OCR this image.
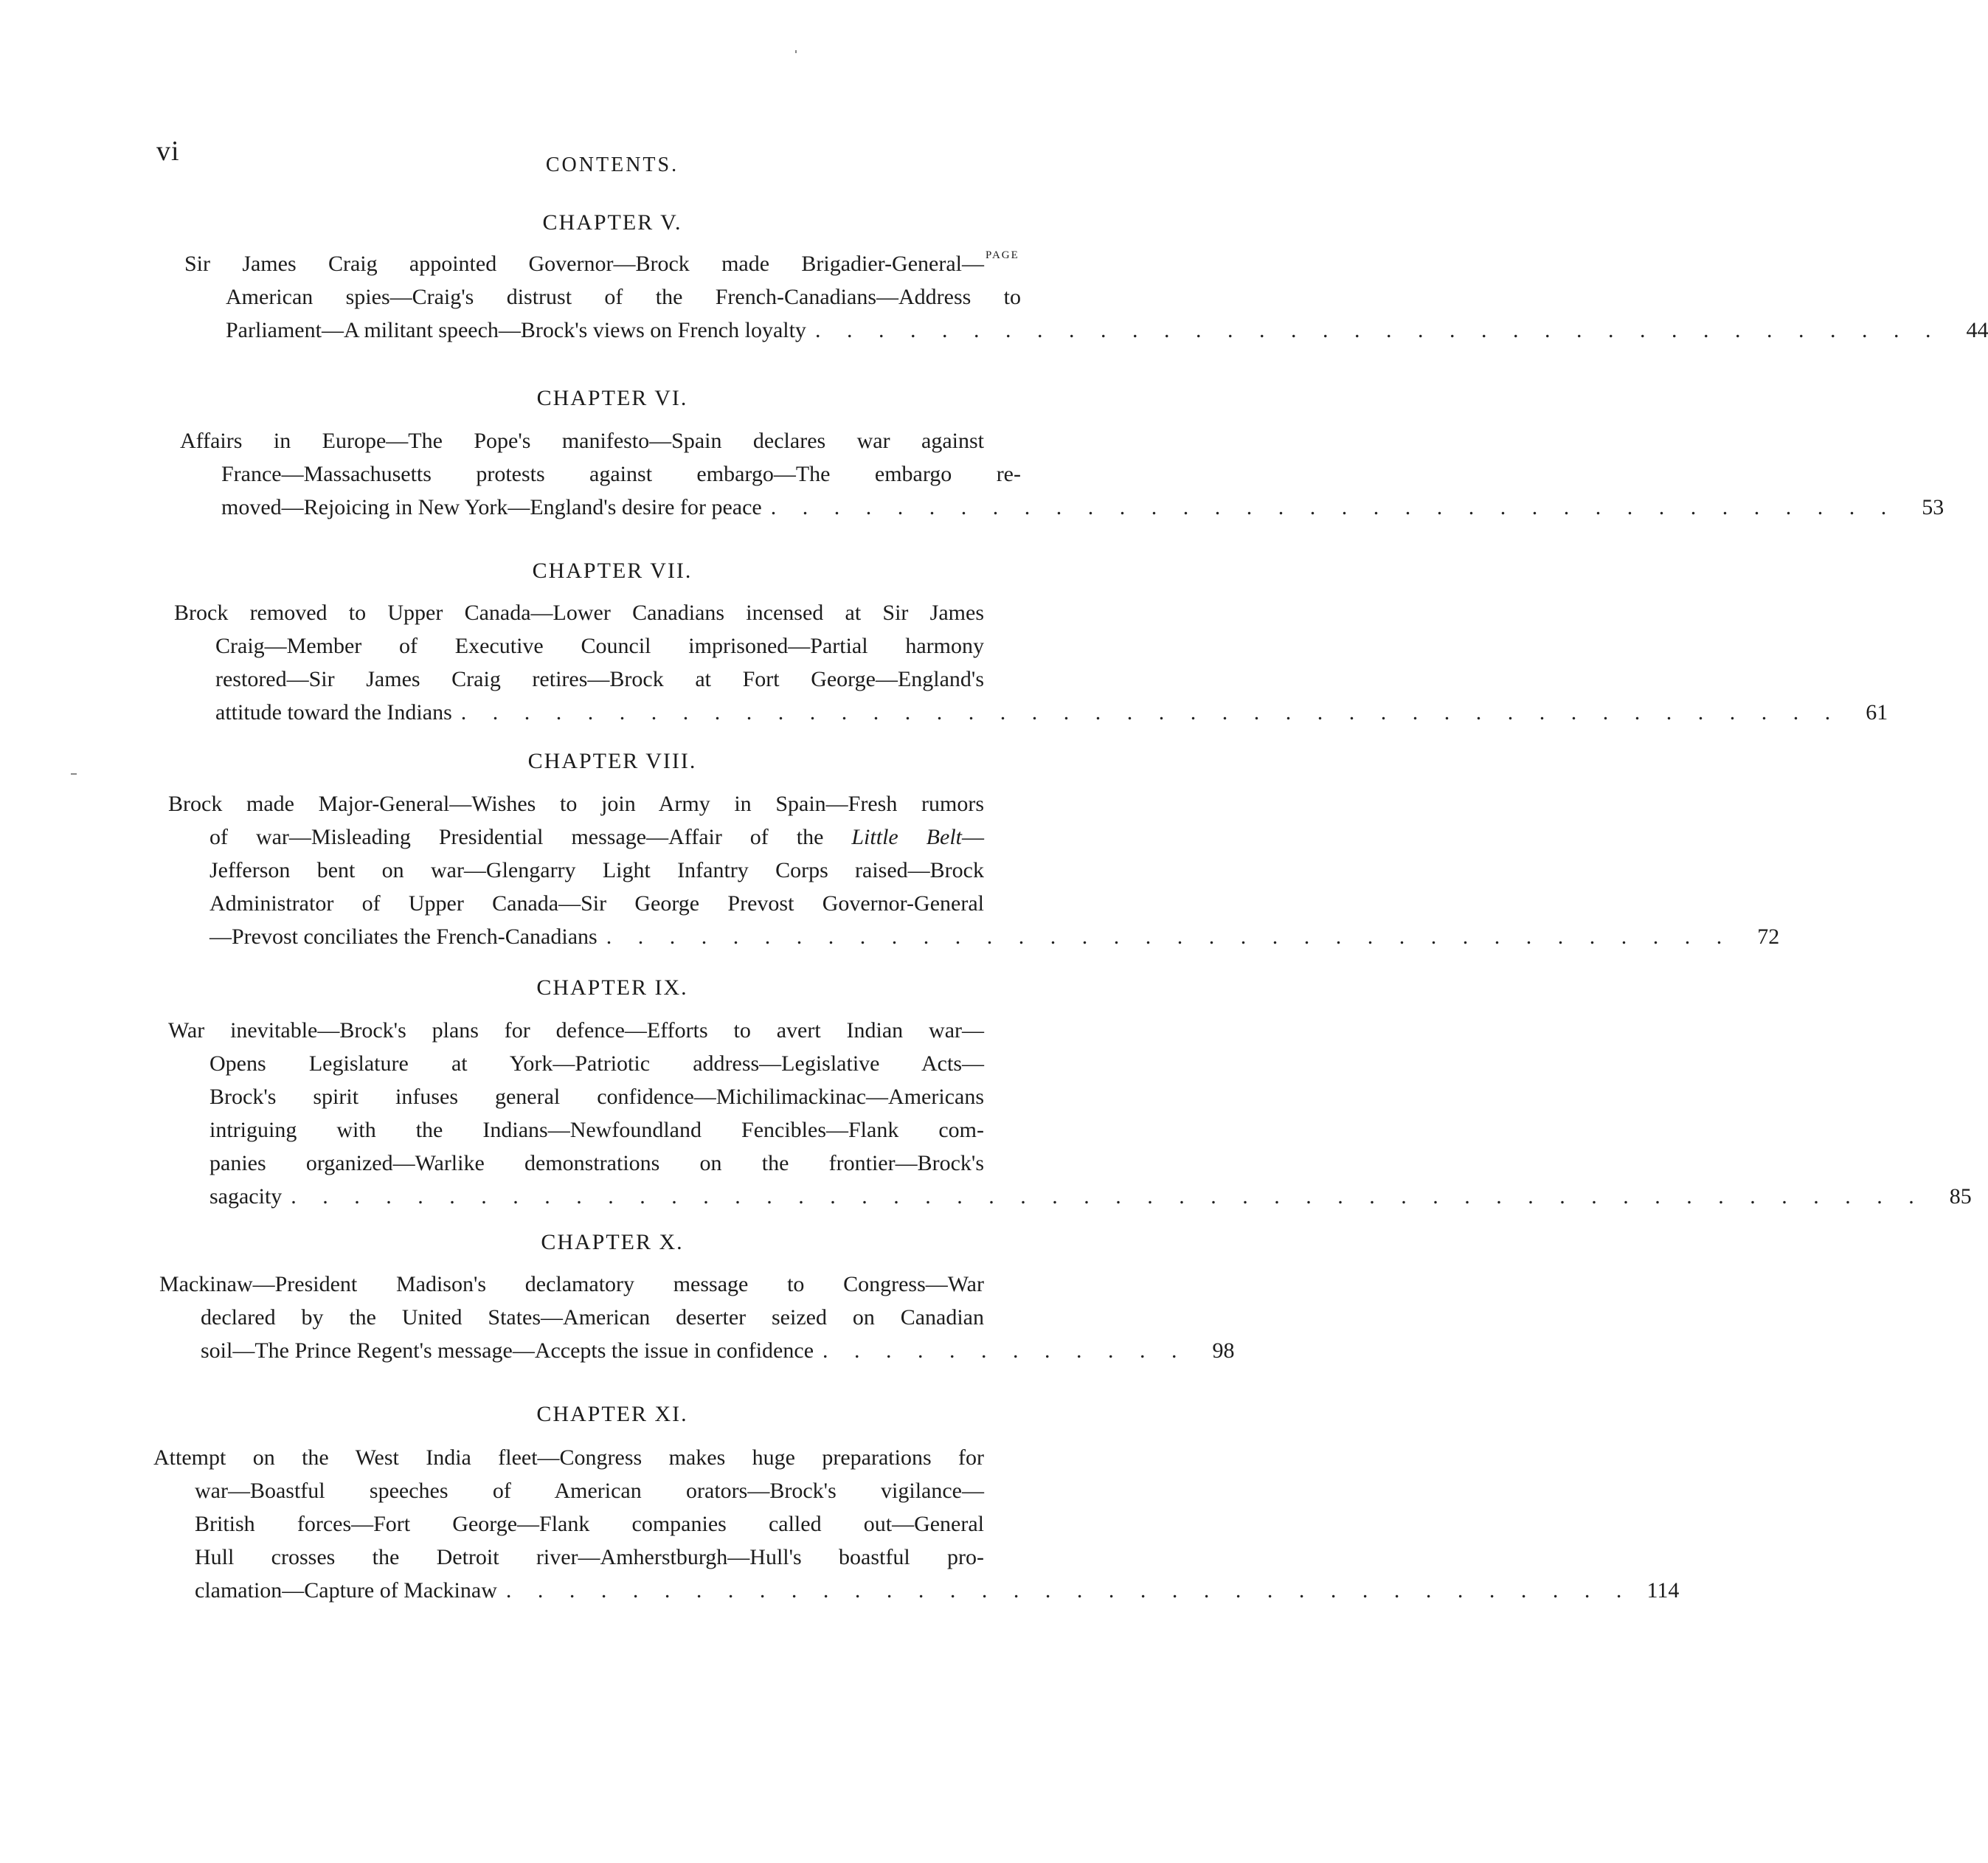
vi	CONTENTS.
CHAPTER V.
PAGE
Sir James Craig appointed Governor—Brock made Brigadier-General—
American spies—Craig's distrust of the French-Canadians—Address to
Parliament—A militant speech—Brock's views on French loyalty . . . . . . . . . . . . . . . . . . . . . . . . . . . . . . . . . . . .	44
CHAPTER VI.
Affairs in Europe—The Pope's manifesto—Spain declares war against
France—Massachusetts protests against embargo—The embargo re-
moved—Rejoicing in New York—England's desire for peace . . . . . . . . . . . . . . . . . . . . . . . . . . . . . . . . . . . .	53
CHAPTER VII.
Brock removed to Upper Canada—Lower Canadians incensed at Sir James
Craig—Member of Executive Council imprisoned—Partial harmony
restored—Sir James Craig retires—Brock at Fort George—England's
attitude toward the Indians . . . . . . . . . . . . . . . . . . . . . . . . . . . . . . . . . . . . . . . . . . . .	61
CHAPTER VIII.
Brock made Major-General—Wishes to join Army in Spain—Fresh rumors
of war—Misleading Presidential message—Affair of the Little Belt—
Jefferson bent on war—Glengarry Light Infantry Corps raised—Brock
Administrator of Upper Canada—Sir George Prevost Governor-General
—Prevost conciliates the French-Canadians . . . . . . . . . . . . . . . . . . . . . . . . . . . . . . . . . . . .	72
CHAPTER IX.
War inevitable—Brock's plans for defence—Efforts to avert Indian war—
Opens Legislature at York—Patriotic address—Legislative Acts—
Brock's spirit infuses general confidence—Michilimackinac—Americans
intriguing with the Indians—Newfoundland Fencibles—Flank com-
panies organized—Warlike demonstrations on the frontier—Brock's
sagacity . . . . . . . . . . . . . . . . . . . . . . . . . . . . . . . . . . . . . . . . . . . . . . . . . . . .	85
CHAPTER X.
Mackinaw—President Madison's declamatory message to Congress—War
declared by the United States—American deserter seized on Canadian
soil—The Prince Regent's message—Accepts the issue in confidence . . . . . . . . . . . .	98
CHAPTER XI.
Attempt on the West India fleet—Congress makes huge preparations for
war—Boastful speeches of American orators—Brock's vigilance—
British forces—Fort George—Flank companies called out—General
Hull crosses the Detroit river—Amherstburgh—Hull's boastful pro-
clamation—Capture of Mackinaw . . . . . . . . . . . . . . . . . . . . . . . . . . . . . . . . . . . . 114
